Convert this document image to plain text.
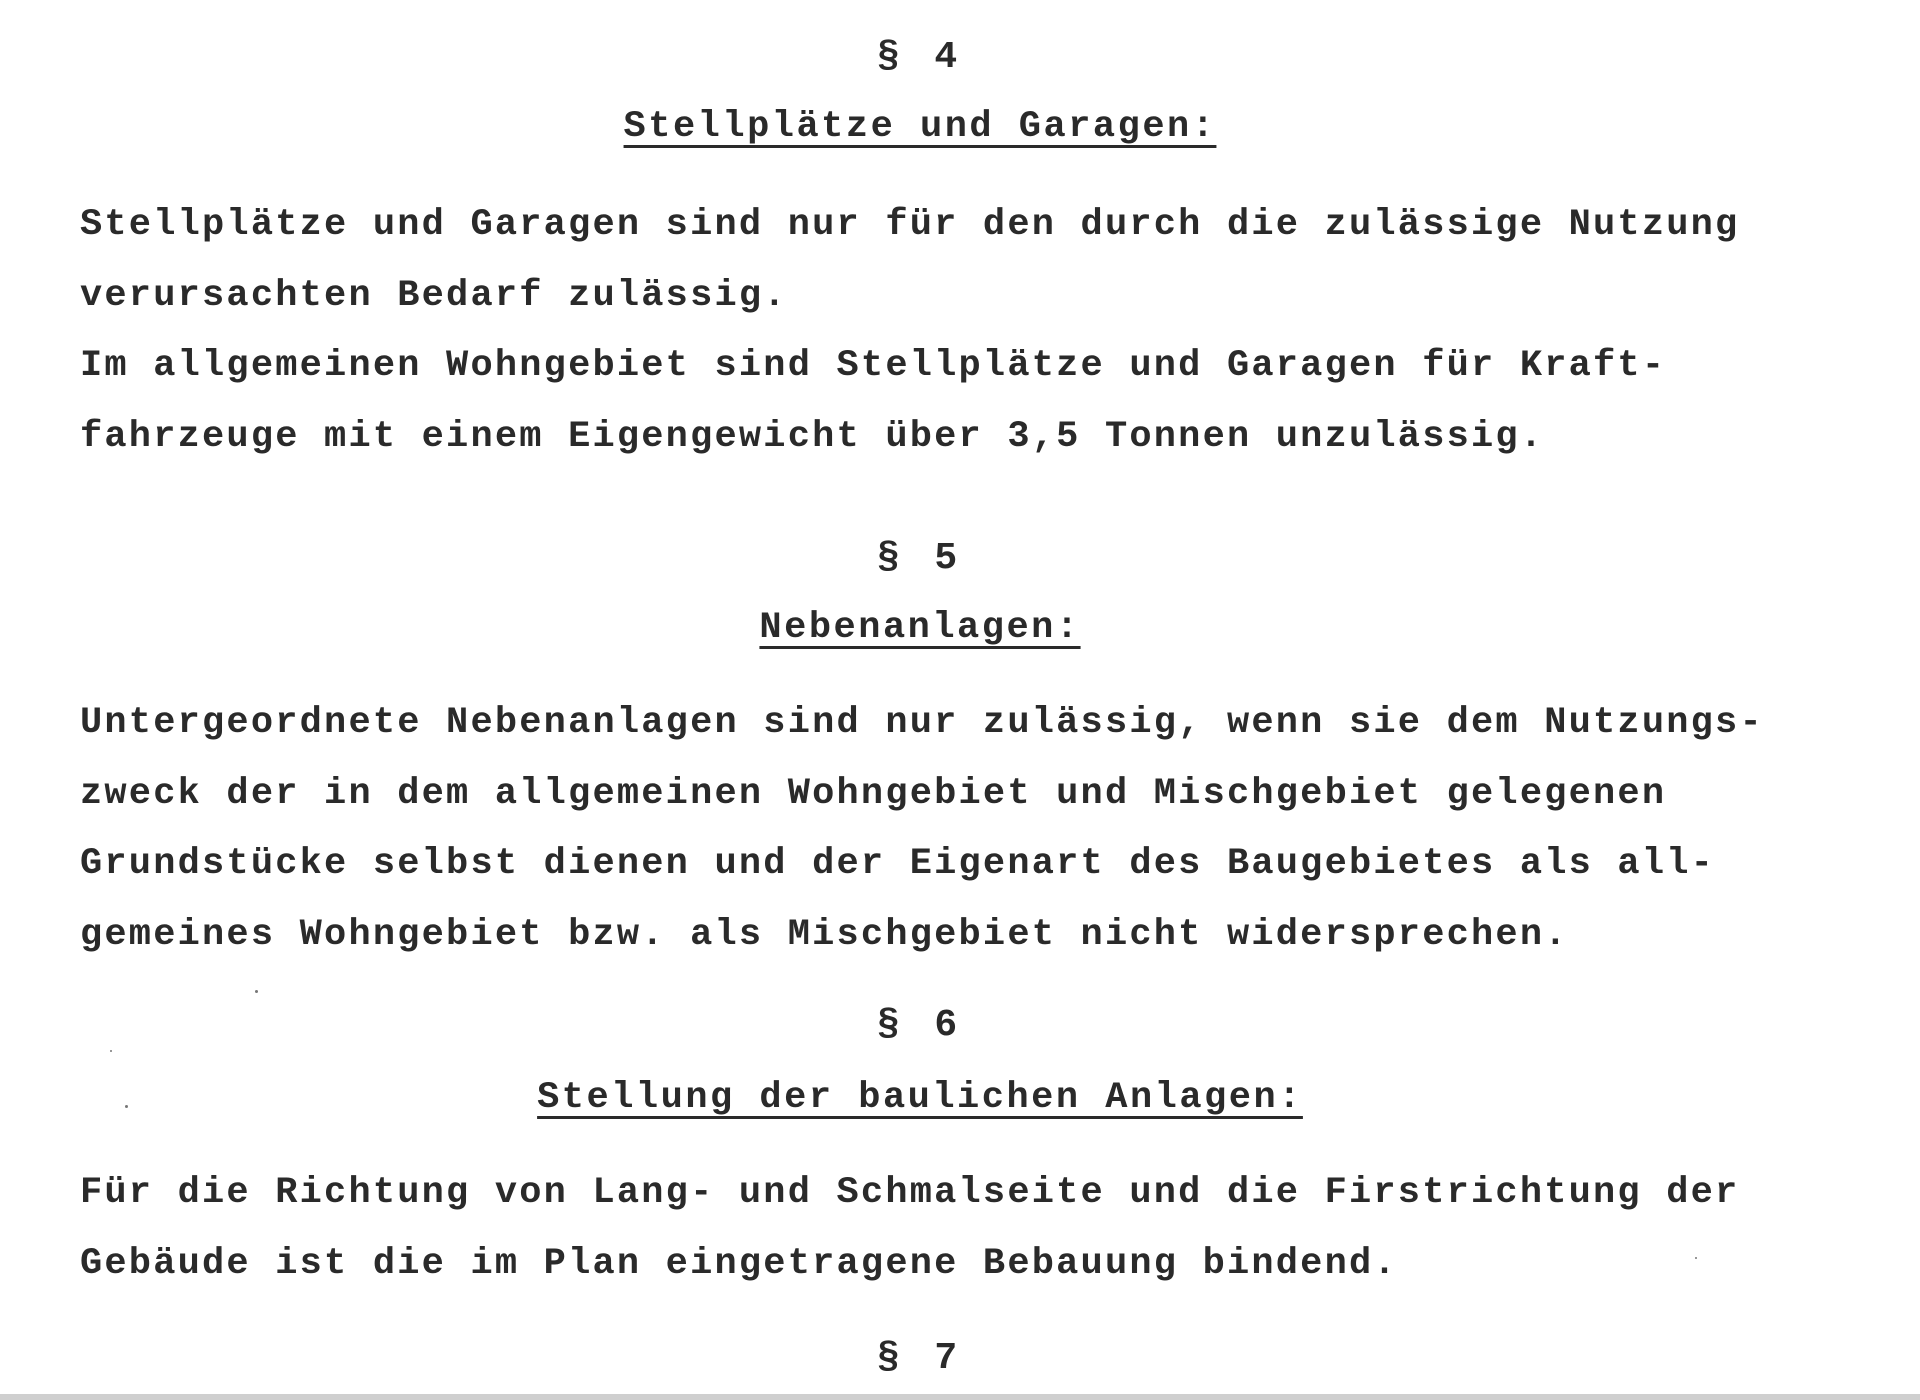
§ 4
Stellplätze und Garagen:
Stellplätze und Garagen sind nur für den durch die zulässige Nutzung
verursachten Bedarf zulässig.
Im allgemeinen Wohngebiet sind Stellplätze und Garagen für Kraft-
fahrzeuge mit einem Eigengewicht über 3,5 Tonnen unzulässig.
§ 5
Nebenanlagen:
Untergeordnete Nebenanlagen sind nur zulässig, wenn sie dem Nutzungs-
zweck der in dem allgemeinen Wohngebiet und Mischgebiet gelegenen
Grundstücke selbst dienen und der Eigenart des Baugebietes als all-
gemeines Wohngebiet bzw. als Mischgebiet nicht widersprechen.
§ 6
Stellung der baulichen Anlagen:
Für die Richtung von Lang- und Schmalseite und die Firstrichtung der
Gebäude ist die im Plan eingetragene Bebauung bindend.
§ 7
